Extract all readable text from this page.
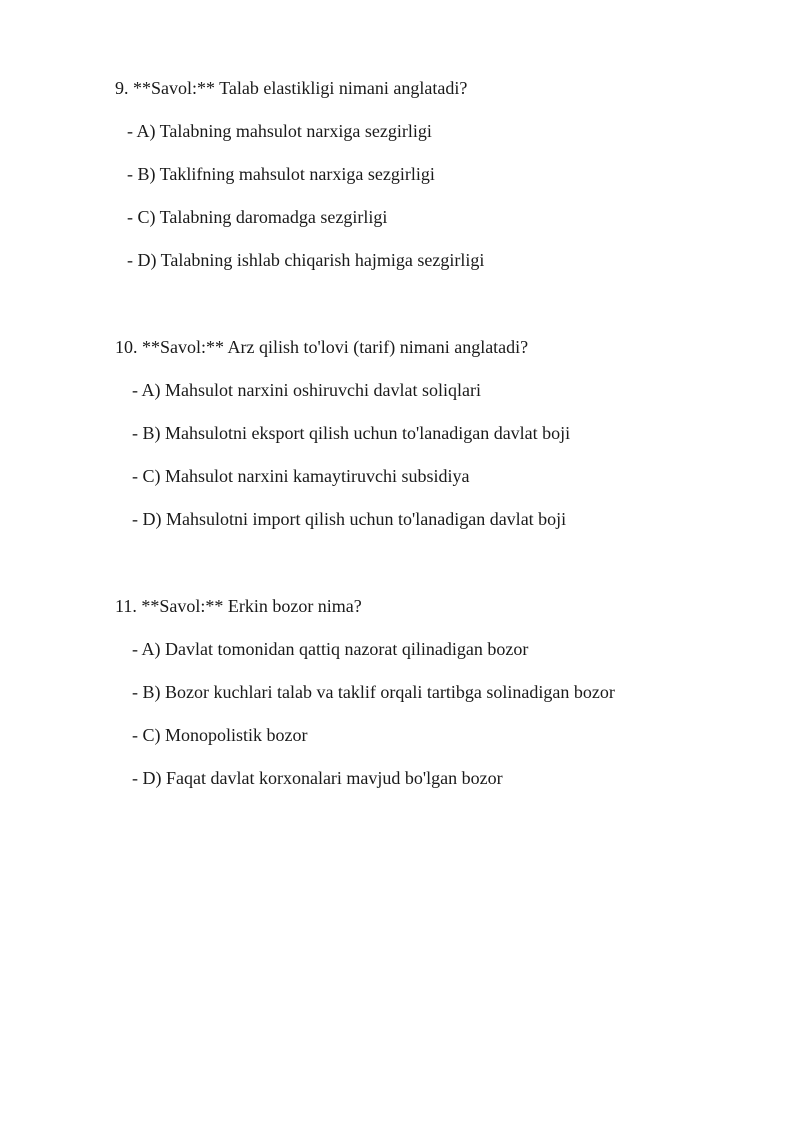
9. **Savol:** Talab elastikligi nimani anglatadi?
- A) Talabning mahsulot narxiga sezgirligi
- B) Taklifning mahsulot narxiga sezgirligi
- C) Talabning daromadga sezgirligi
- D) Talabning ishlab chiqarish hajmiga sezgirligi
10. **Savol:** Arz qilish to'lovi (tarif) nimani anglatadi?
- A) Mahsulot narxini oshiruvchi davlat soliqlari
- B) Mahsulotni eksport qilish uchun to'lanadigan davlat boji
- C) Mahsulot narxini kamaytiruvchi subsidiya
- D) Mahsulotni import qilish uchun to'lanadigan davlat boji
11. **Savol:** Erkin bozor nima?
- A) Davlat tomonidan qattiq nazorat qilinadigan bozor
- B) Bozor kuchlari talab va taklif orqali tartibga solinadigan bozor
- C) Monopolistik bozor
- D) Faqat davlat korxonalari mavjud bo'lgan bozor
